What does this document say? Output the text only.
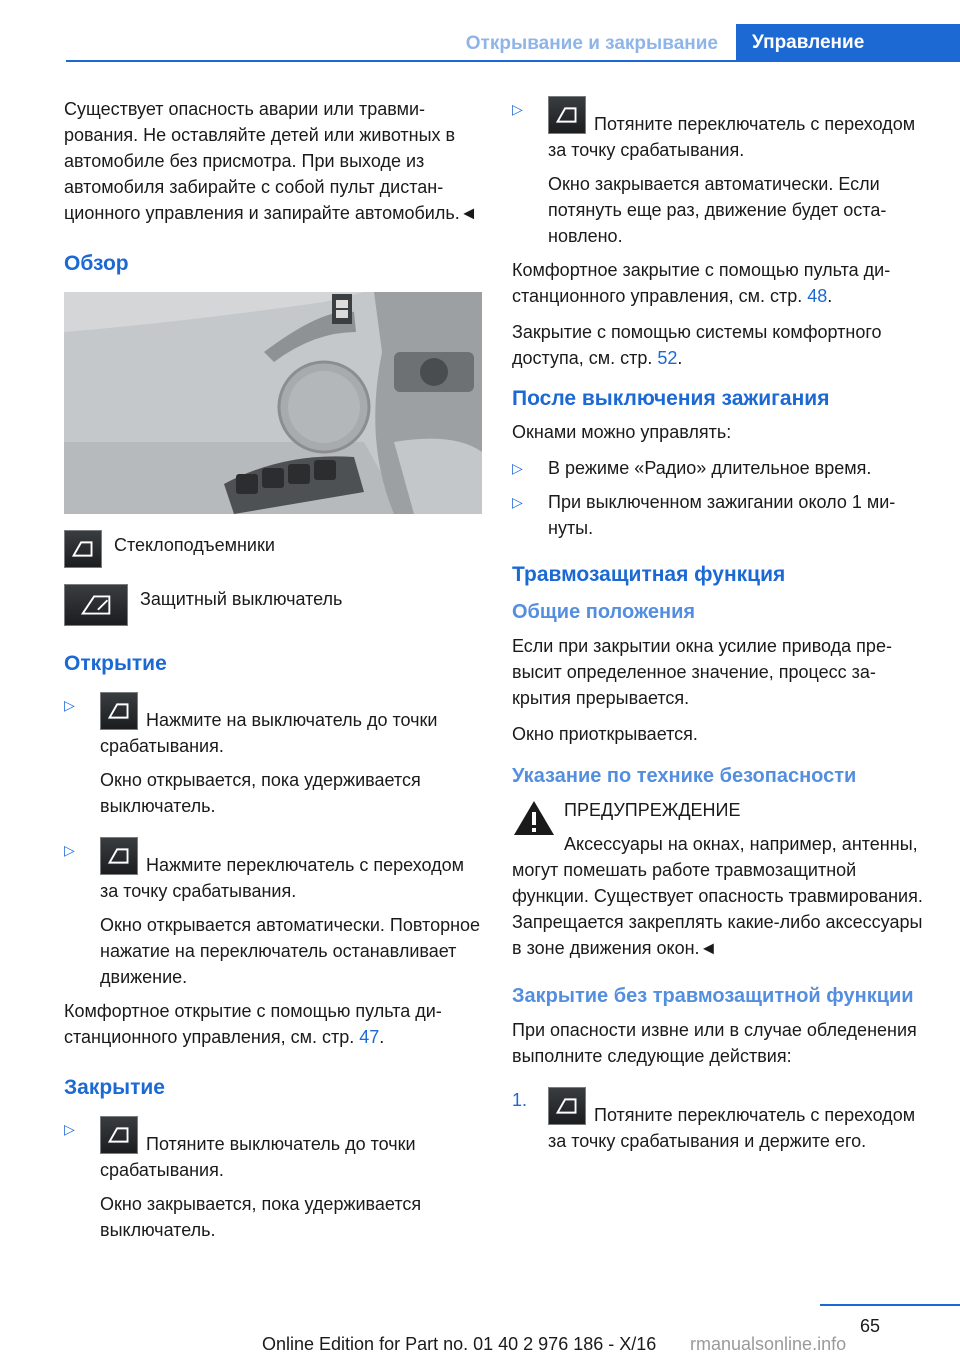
Открывание и закрывание	Управление

Существует опасность аварии или травмирования. Не оставляйте детей или животных в автомобиле без присмотра. При выходе из автомобиля забирайте с собой пульт дистанционного управления и запирайте автомобиль.◄

Обзор
Стеклоподъемники
Защитный выключатель
Открытие
▷
Нажмите на выключатель до точки срабатывания.

Окно открывается, пока удерживается выключатель.

▷
Нажмите переключатель с переходом за точку срабатывания.

Окно открывается автоматически. Повторное нажатие на переключатель останавливает движение.

Комфортное открытие с помощью пульта дистанционного управления, см. стр. 47.

Закрытие
▷
Потяните выключатель до точки срабатывания.

Окно закрывается, пока удерживается выключатель.

▷
Потяните переключатель с переходом за точку срабатывания.

Окно закрывается автоматически. Если потянуть еще раз, движение будет остановлено.

Комфортное закрытие с помощью пульта дистанционного управления, см. стр. 48.

Закрытие с помощью системы комфортного доступа, см. стр. 52.

После выключения зажигания

Окнами можно управлять:

▷ В режиме «Радио» длительное время.
▷ При выключенном зажигании около 1 минуты.
Травмозащитная функция
Общие положения

Если при закрытии окна усилие привода превысит определенное значение, процесс закрытия прерывается.

Окно приоткрывается.

Указание по технике безопасности
ПРЕДУПРЕЖДЕНИЕ

Аксессуары на окнах, например, антенны, могут помешать работе травмозащитной функции. Существует опасность травмирования. Запрещается закреплять какие-либо аксессуары в зоне движения окон.◄

Закрытие без травмозащитной функции

При опасности извне или в случае обледенения выполните следующие действия:

1.
Потяните переключатель с переходом за точку срабатывания и держите его.
65
Online Edition for Part no. 01 40 2 976 186 - X/16 rmanualsonline.info
